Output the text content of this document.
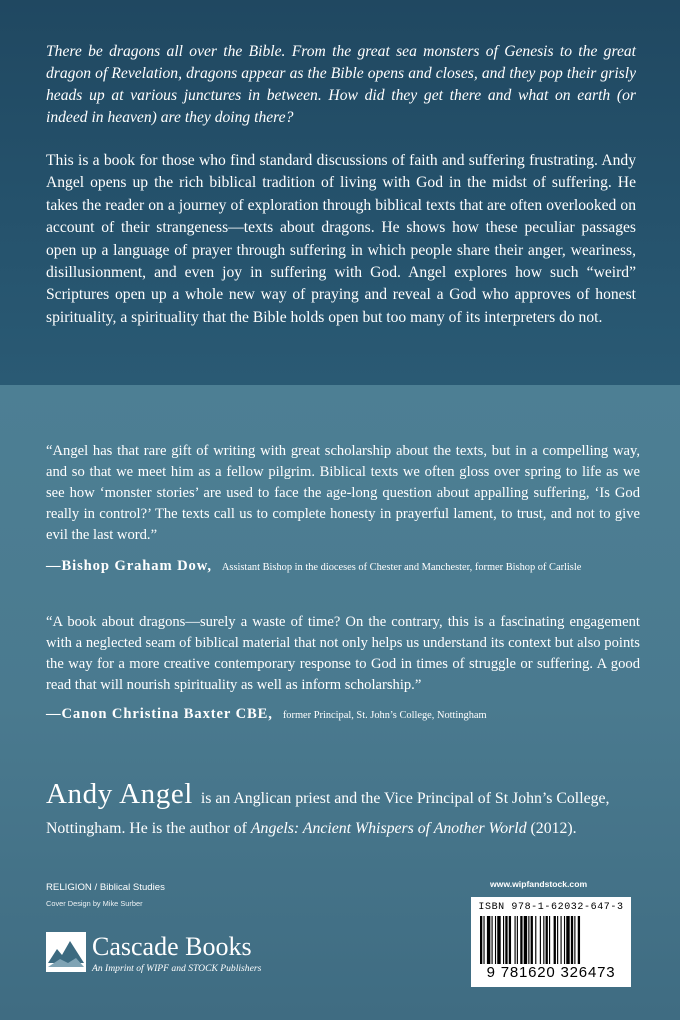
There be dragons all over the Bible. From the great sea monsters of Genesis to the great dragon of Revelation, dragons appear as the Bible opens and closes, and they pop their grisly heads up at various junctures in between. How did they get there and what on earth (or indeed in heaven) are they doing there?

This is a book for those who find standard discussions of faith and suffering frustrating. Andy Angel opens up the rich biblical tradition of living with God in the midst of suffering. He takes the reader on a journey of exploration through biblical texts that are often overlooked on account of their strangeness—texts about dragons. He shows how these peculiar passages open up a language of prayer through suffering in which people share their anger, weariness, disillusionment, and even joy in suffering with God. Angel explores how such “weird” Scriptures open up a whole new way of praying and reveal a God who approves of honest spirituality, a spirituality that the Bible holds open but too many of its interpreters do not.

“Angel has that rare gift of writing with great scholarship about the texts, but in a compelling way, and so that we meet him as a fellow pilgrim. Biblical texts we often gloss over spring to life as we see how ‘monster stories’ are used to face the age-long question about appalling suffering, ‘Is God really in control?’ The texts call us to complete honesty in prayerful lament, to trust, and not to give evil the last word.”

—Bishop Graham Dow, Assistant Bishop in the dioceses of Chester and Manchester, former Bishop of Carlisle

“A book about dragons—surely a waste of time? On the contrary, this is a fascinating engagement with a neglected seam of biblical material that not only helps us understand its context but also points the way for a more creative contemporary response to God in times of struggle or suffering. A good read that will nourish spirituality as well as inform scholarship.”

—Canon Christina Baxter CBE, former Principal, St. John’s College, Nottingham

Andy Angel is an Anglican priest and the Vice Principal of St John’s College, Nottingham. He is the author of Angels: Ancient Whispers of Another World (2012).

RELIGION / Biblical Studies
Cover Design by Mike Surber
Cascade Books
An Imprint of WIPF and STOCK Publishers
www.wipfandstock.com
ISBN 978-1-62032-647-3
9 781620 326473
